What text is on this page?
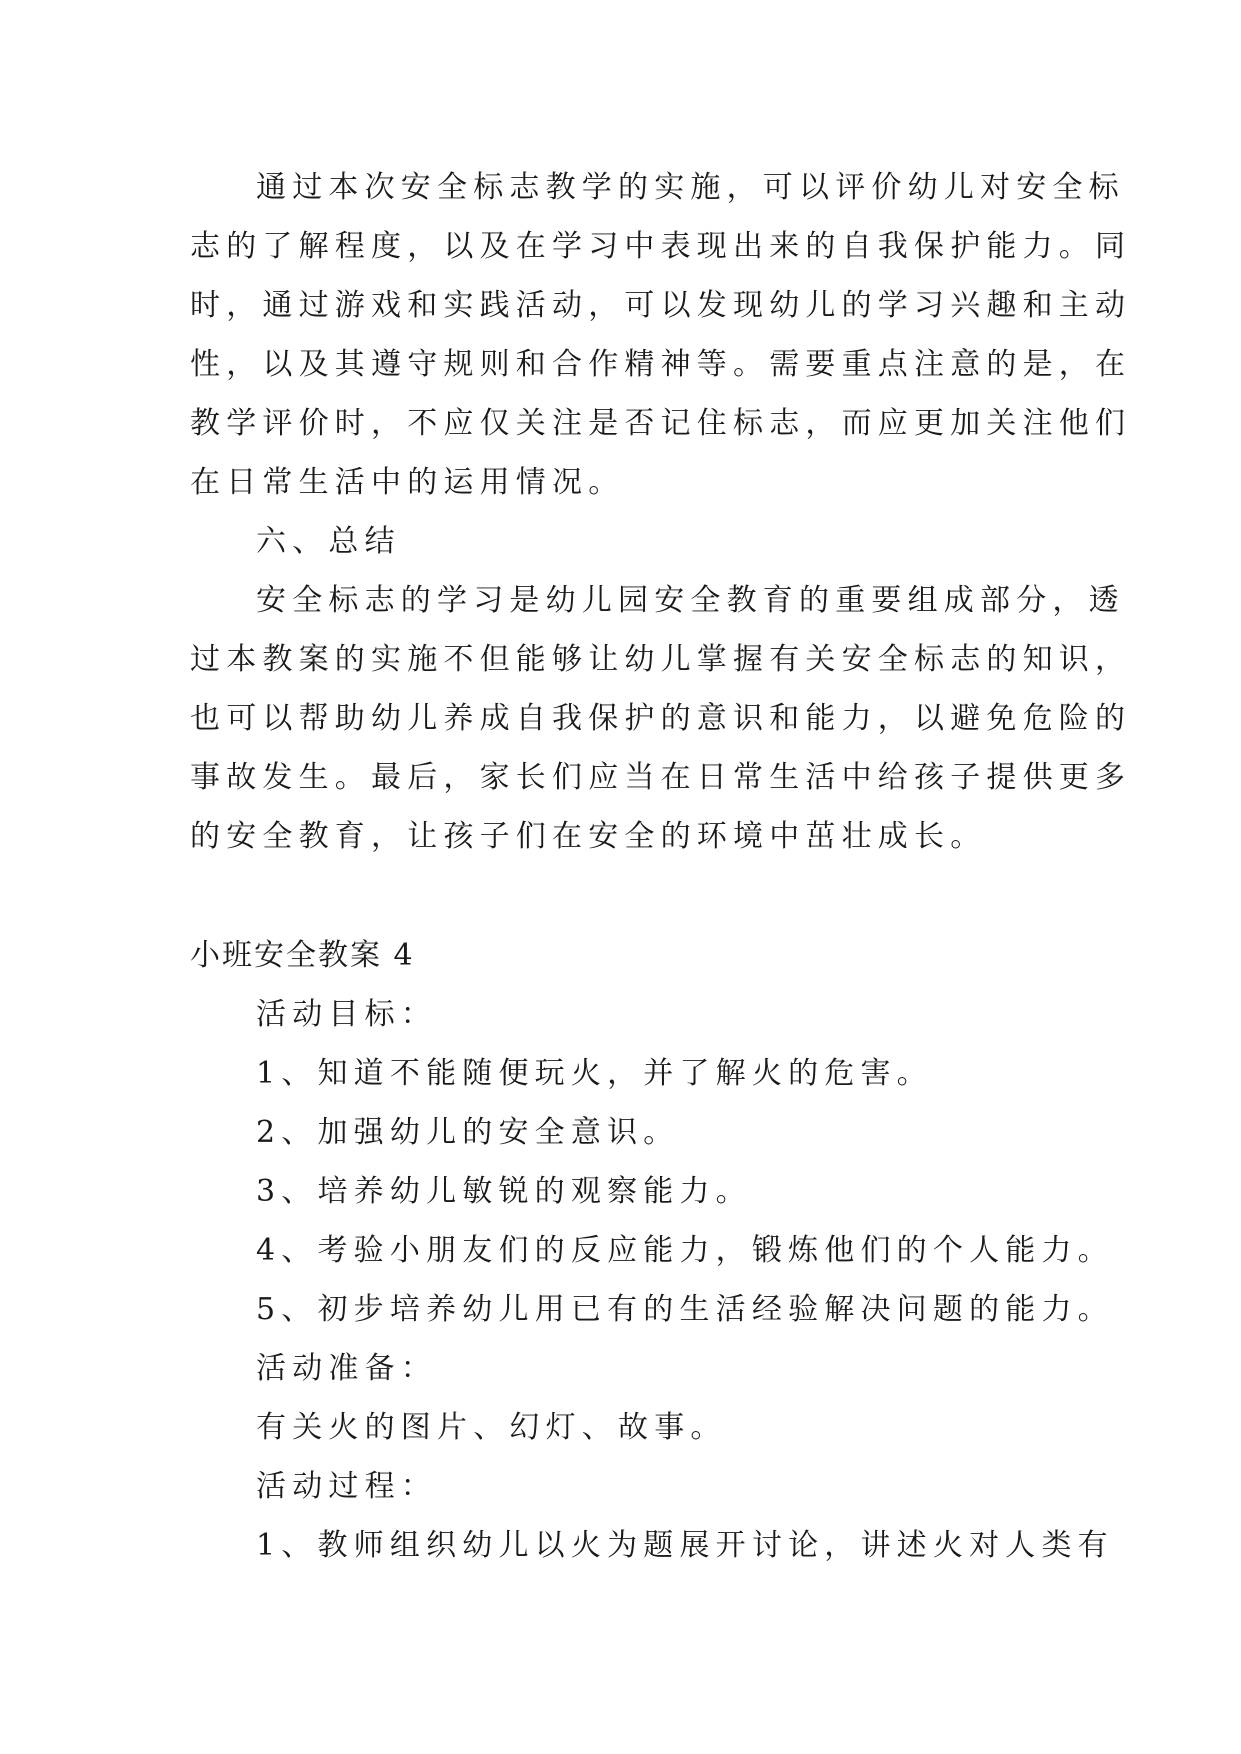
通过本次安全标志教学的实施，可以评价幼儿对安全标
志的了解程度，以及在学习中表现出来的自我保护能力。同
时，通过游戏和实践活动，可以发现幼儿的学习兴趣和主动
性，以及其遵守规则和合作精神等。需要重点注意的是，在
教学评价时，不应仅关注是否记住标志，而应更加关注他们
在日常生活中的运用情况。
六、总结
安全标志的学习是幼儿园安全教育的重要组成部分，透
过本教案的实施不但能够让幼儿掌握有关安全标志的知识，
也可以帮助幼儿养成自我保护的意识和能力，以避免危险的
事故发生。最后，家长们应当在日常生活中给孩子提供更多
的安全教育，让孩子们在安全的环境中茁壮成长。
小班安全教案 4
活动目标：
1、知道不能随便玩火，并了解火的危害。
2、加强幼儿的安全意识。
3、培养幼儿敏锐的观察能力。
4、考验小朋友们的反应能力，锻炼他们的个人能力。
5、初步培养幼儿用已有的生活经验解决问题的能力。
活动准备：
有关火的图片、幻灯、故事。
活动过程：
1、教师组织幼儿以火为题展开讨论，讲述火对人类有
